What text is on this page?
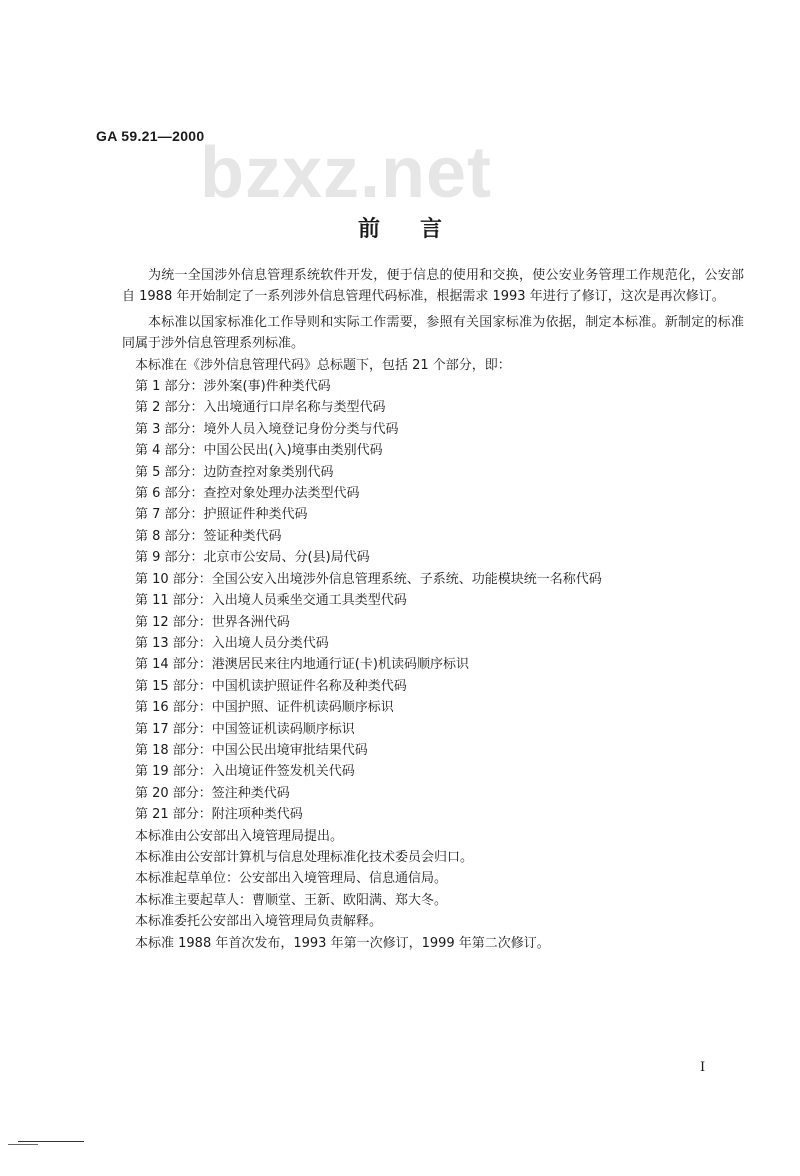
bzxz.net
GA 59.21—2000
前言

为统一全国涉外信息管理系统软件开发，便于信息的使用和交换，使公安业务管理工作规范化，公安部自 1988 年开始制定了一系列涉外信息管理代码标准，根据需求 1993 年进行了修订，这次是再次修订。

本标准以国家标准化工作导则和实际工作需要，参照有关国家标准为依据，制定本标准。新制定的标准同属于涉外信息管理系列标准。

本标准在《涉外信息管理代码》总标题下，包括 21 个部分，即：

第 1 部分：涉外案(事)件种类代码
第 2 部分：入出境通行口岸名称与类型代码
第 3 部分：境外人员入境登记身份分类与代码
第 4 部分：中国公民出(入)境事由类别代码
第 5 部分：边防查控对象类别代码
第 6 部分：查控对象处理办法类型代码
第 7 部分：护照证件种类代码
第 8 部分：签证种类代码
第 9 部分：北京市公安局、分(县)局代码
第 10 部分：全国公安入出境涉外信息管理系统、子系统、功能模块统一名称代码
第 11 部分：入出境人员乘坐交通工具类型代码
第 12 部分：世界各洲代码
第 13 部分：入出境人员分类代码
第 14 部分：港澳居民来往内地通行证(卡)机读码顺序标识
第 15 部分：中国机读护照证件名称及种类代码
第 16 部分：中国护照、证件机读码顺序标识
第 17 部分：中国签证机读码顺序标识
第 18 部分：中国公民出境审批结果代码
第 19 部分：入出境证件签发机关代码
第 20 部分：签注种类代码
第 21 部分：附注项种类代码

本标准由公安部出入境管理局提出。

本标准由公安部计算机与信息处理标准化技术委员会归口。

本标准起草单位：公安部出入境管理局、信息通信局。

本标准主要起草人：曹顺堂、王新、欧阳满、郑大冬。

本标准委托公安部出入境管理局负责解释。

本标准 1988 年首次发布，1993 年第一次修订，1999 年第二次修订。

I
